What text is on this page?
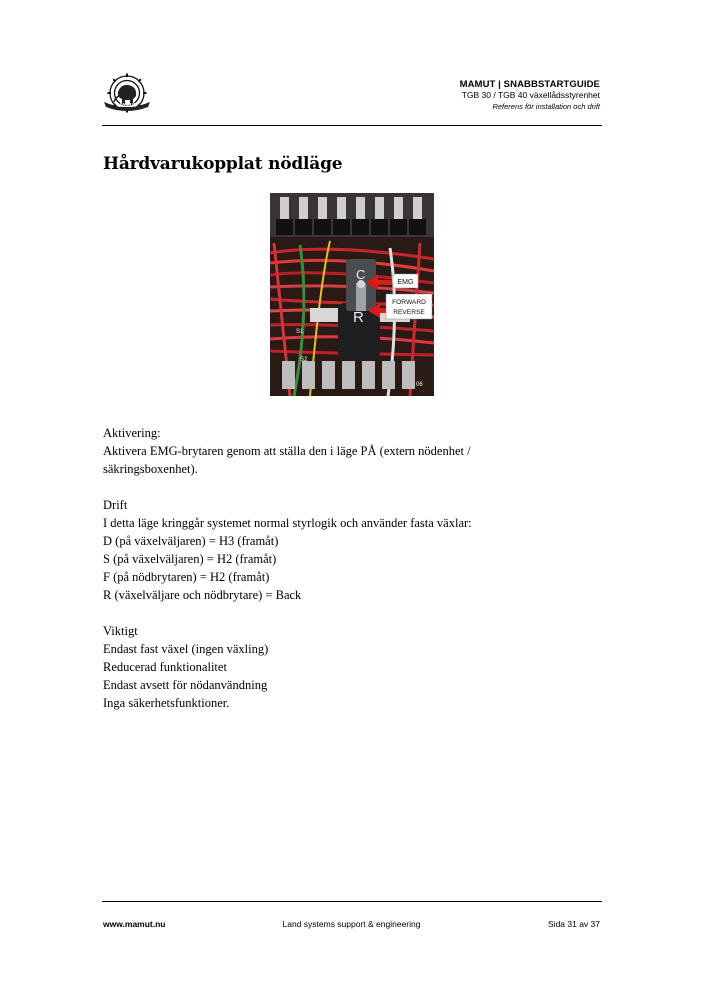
MAMUT
MAMUT | SNABBSTARTGUIDE
TGB 30 / TGB 40 växellådsstyrenhet
Referens för installation och drift
Hårdvarukopplat nödläge
C
R
S1
S2
06
EMG
FORWARD
REVERSE

Aktivering:

Aktivera EMG-brytaren genom att ställa den i läge PÅ (extern nödenhet /

säkringsboxenhet).

Drift

I detta läge kringgår systemet normal styrlogik och använder fasta växlar:

D (på växelväljaren) = H3 (framåt)

S (på växelväljaren) = H2 (framåt)

F (på nödbrytaren) = H2 (framåt)

R (växelväljare och nödbrytare) = Back

Viktigt

Endast fast växel (ingen växling)

Reducerad funktionalitet

Endast avsett för nödanvändning

Inga säkerhetsfunktioner.

www.mamut.nu	Land systems support & engineering	Sida 31 av 37
